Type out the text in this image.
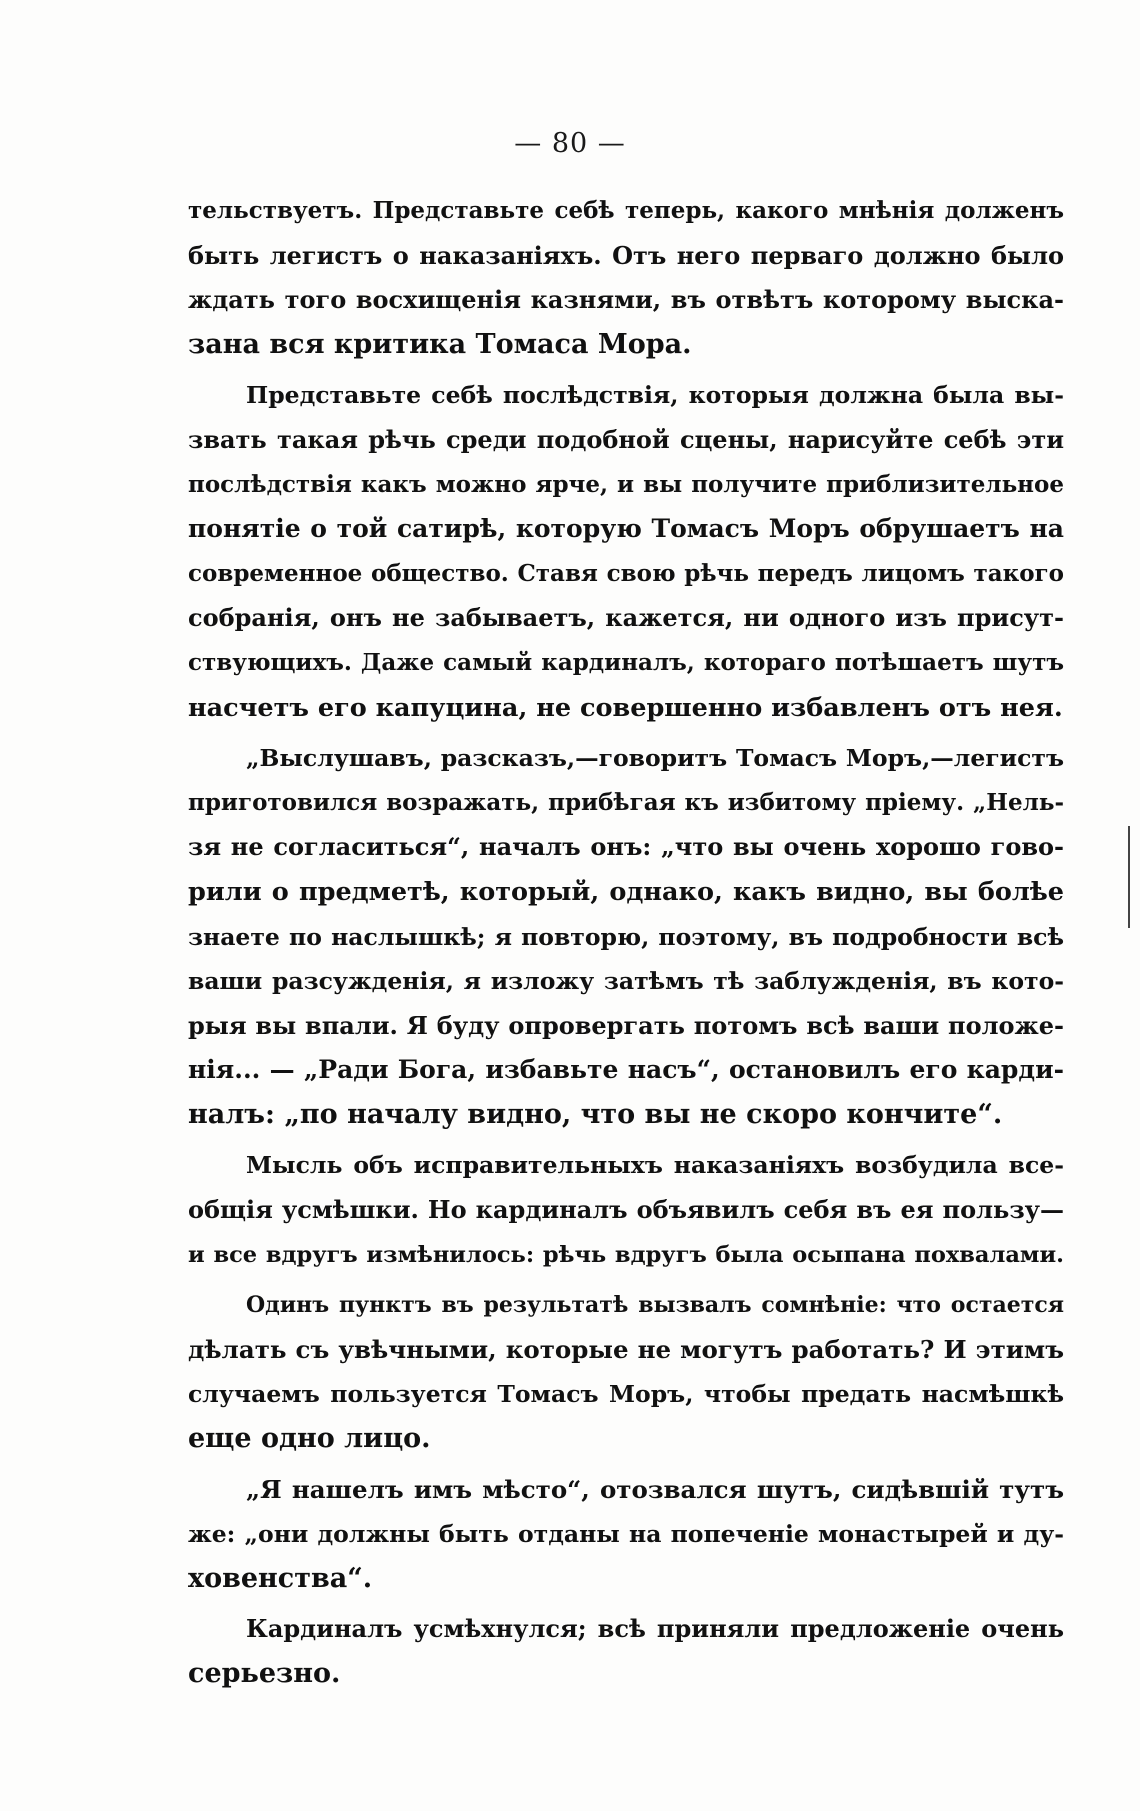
— 80 —
тельствуетъ. Представьте себѣ теперь, какого мнѣнія долженъ
быть легистъ о наказаніяхъ. Отъ него перваго должно было
ждать того восхищенія казнями, въ отвѣтъ которому выска-
зана вся критика Томаса Мора.
Представьте себѣ послѣдствія, которыя должна была вы-
звать такая рѣчь среди подобной сцены, нарисуйте себѣ эти
послѣдствія какъ можно ярче, и вы получите приблизительное
понятіе о той сатирѣ, которую Томасъ Моръ обрушаетъ на
современное общество. Ставя свою рѣчь передъ лицомъ такого
собранія, онъ не забываетъ, кажется, ни одного изъ присут-
ствующихъ. Даже самый кардиналъ, котораго потѣшаетъ шутъ
насчетъ его капуцина, не совершенно избавленъ отъ нея.
„Выслушавъ, разсказъ,—говоритъ Томасъ Моръ,—легистъ
приготовился возражать, прибѣгая къ избитому пріему. „Нель-
зя не согласиться“, началъ онъ: „что вы очень хорошо гово-
рили о предметѣ, который, однако, какъ видно, вы болѣе
знаете по наслышкѣ; я повторю, поэтому, въ подробности всѣ
ваши разсужденія, я изложу затѣмъ тѣ заблужденія, въ кото-
рыя вы впали. Я буду опровергать потомъ всѣ ваши положе-
нія... — „Ради Бога, избавьте насъ“, остановилъ его карди-
налъ: „по началу видно, что вы не скоро кончите“.
Мысль объ исправительныхъ наказаніяхъ возбудила все-
общія усмѣшки. Но кардиналъ объявилъ себя въ ея пользу—
и все вдругъ измѣнилось: рѣчь вдругъ была осыпана похвалами.
Одинъ пунктъ въ результатѣ вызвалъ сомнѣніе: что остается
дѣлать съ увѣчными, которые не могутъ работать? И этимъ
случаемъ пользуется Томасъ Моръ, чтобы предать насмѣшкѣ
еще одно лицо.
„Я нашелъ имъ мѣсто“, отозвался шутъ, сидѣвшій тутъ
же: „они должны быть отданы на попеченіе монастырей и ду-
ховенства“.
Кардиналъ усмѣхнулся; всѣ приняли предложеніе очень
серьезно.
